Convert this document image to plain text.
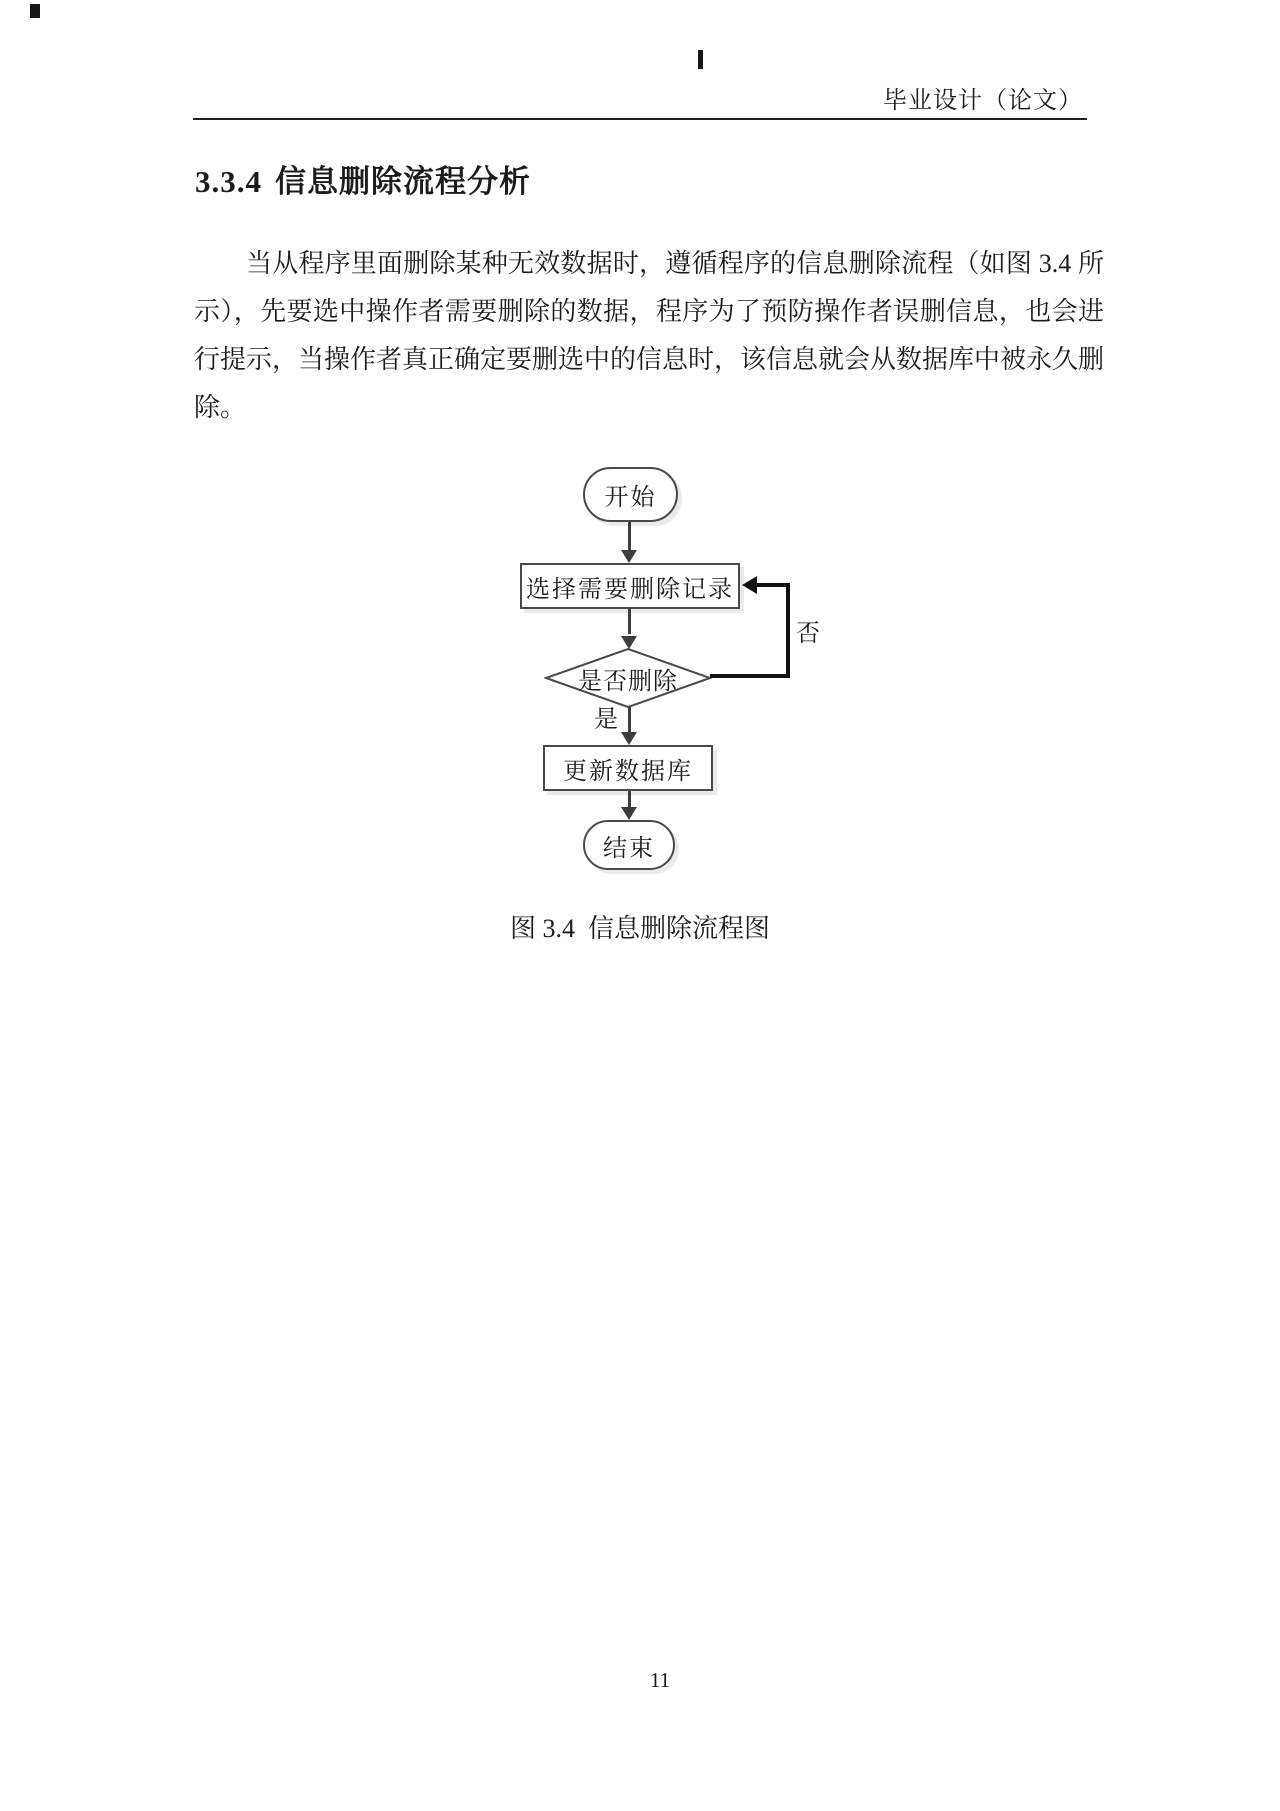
毕业设计（论文）
3.3.4 信息删除流程分析
当从程序里面删除某种无效数据时，遵循程序的信息删除流程（如图 3.4 所
示），先要选中操作者需要删除的数据，程序为了预防操作者误删信息，也会进
行提示，当操作者真正确定要删选中的信息时，该信息就会从数据库中被永久删
除。
开始
选择需要删除记录
是否删除
是
否
更新数据库
结束
图 3.4  信息删除流程图
11
